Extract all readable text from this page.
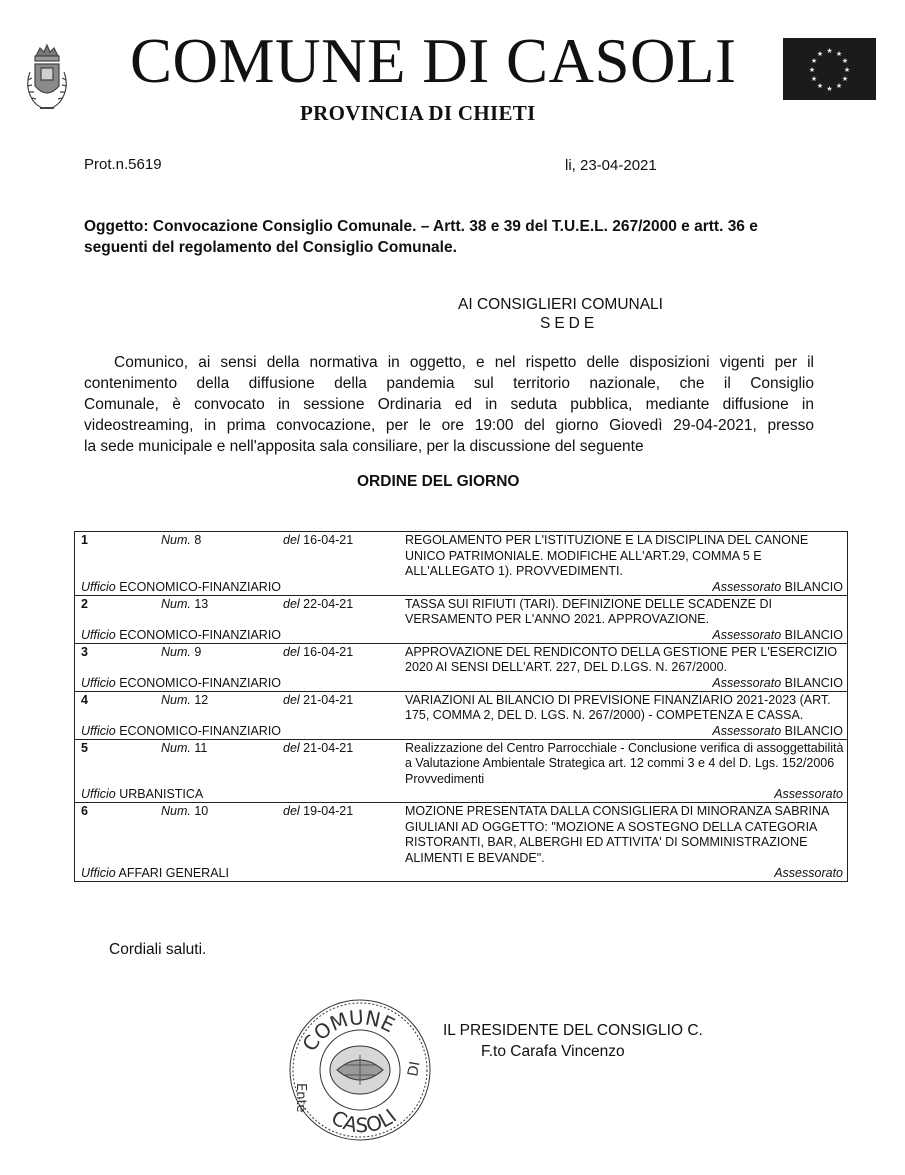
COMUNE DI CASOLI	★ ★
★
★
★
★
★
★
★
★
★
★
PROVINCIA DI CHIETI
Prot.n.5619	li, 23-04-2021
Oggetto: Convocazione Consiglio Comunale. – Artt. 38 e 39 del T.U.E.L. 267/2000 e artt. 36 e seguenti del regolamento del Consiglio Comunale.
AI CONSIGLIERI COMUNALI
SEDE
Comunico, ai sensi della normativa in oggetto, e nel rispetto delle disposizioni vigenti per il
contenimento della diffusione della pandemia sul territorio nazionale, che il Consiglio
Comunale, è convocato in sessione Ordinaria ed in seduta pubblica, mediante diffusione in
videostreaming, in prima convocazione, per le ore 19:00 del giorno Giovedì 29-04-2021, presso
la sede municipale e nell'apposita sala consiliare, per la discussione del seguente
ORDINE DEL GIORNO
1	Num. 8	del 16-04-21	REGOLAMENTO PER L'ISTITUZIONE E LA DISCIPLINA DEL CANONE UNICO PATRIMONIALE. MODIFICHE ALL'ART.29, COMMA 5 E ALL'ALLEGATO 1). PROVVEDIMENTI.
Ufficio ECONOMICO-FINANZIARIO	Assessorato BILANCIO

2	Num. 13	del 22-04-21	TASSA SUI RIFIUTI (TARI). DEFINIZIONE DELLE SCADENZE DI VERSAMENTO PER L'ANNO 2021. APPROVAZIONE.
Ufficio ECONOMICO-FINANZIARIO	Assessorato BILANCIO

3	Num. 9	del 16-04-21	APPROVAZIONE DEL RENDICONTO DELLA GESTIONE PER L'ESERCIZIO 2020 AI SENSI DELL'ART. 227, DEL D.LGS. N. 267/2000.
Ufficio ECONOMICO-FINANZIARIO	Assessorato BILANCIO

4	Num. 12	del 21-04-21	VARIAZIONI AL BILANCIO DI PREVISIONE FINANZIARIO 2021-2023 (ART. 175, COMMA 2, DEL D. LGS. N. 267/2000) - COMPETENZA E CASSA.
Ufficio ECONOMICO-FINANZIARIO	Assessorato BILANCIO

5	Num. 11	del 21-04-21	Realizzazione del Centro Parrocchiale - Conclusione verifica di assoggettabilità a Valutazione Ambientale Strategica art. 12 commi 3 e 4 del D. Lgs. 152/2006 Provvedimenti
Ufficio URBANISTICA	Assessorato

6	Num. 10	del 19-04-21	MOZIONE PRESENTATA DALLA CONSIGLIERA DI MINORANZA SABRINA GIULIANI AD OGGETTO: "MOZIONE A SOSTEGNO DELLA CATEGORIA RISTORANTI, BAR, ALBERGHI ED ATTIVITA' DI SOMMINISTRAZIONE ALIMENTI E BEVANDE".
Ufficio AFFARI GENERALI	Assessorato
Cordiali saluti.
COMUNE
CASOLI
Ente
DI
IL PRESIDENTE DEL CONSIGLIO C.
F.to Carafa Vincenzo
